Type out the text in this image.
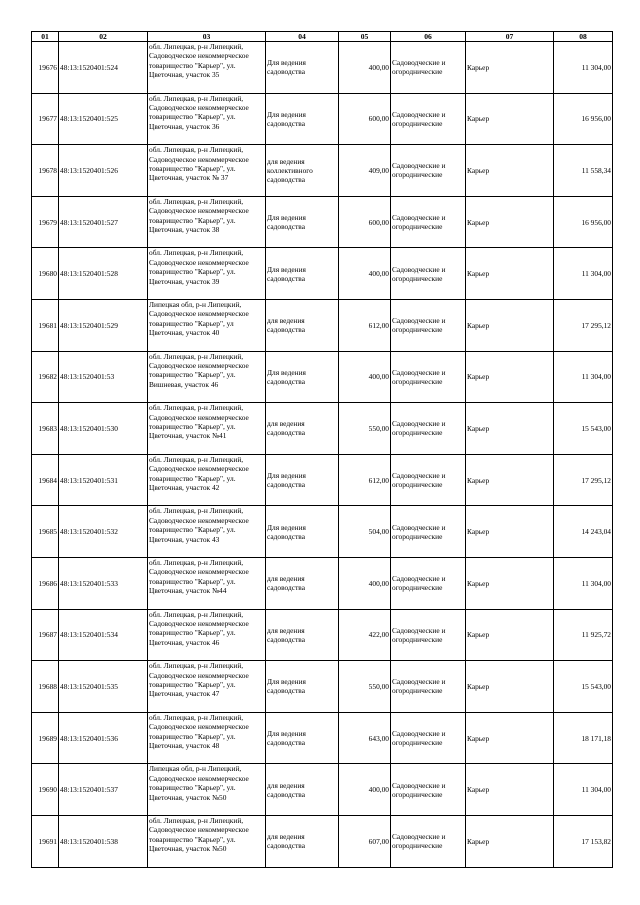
01	02	03	04	05	06	07	08
19676	48:13:1520401:524	обл. Липецкая, р-н Липецкий, Садоводческое некоммерческое товарищество "Карьер", ул. Цветочная, участок 35	Для ведения садоводства	400,00	Садоводческие и огороднические	Карьер	11 304,00
19677	48:13:1520401:525	обл. Липецкая, р-н Липецкий, Садоводческое некоммерческое товарищество "Карьер", ул. Цветочная, участок 36	Для ведения садоводства	600,00	Садоводческие и огороднические	Карьер	16 956,00
19678	48:13:1520401:526	обл. Липецкая, р-н Липецкий, Садоводческое некоммерческое товарищество "Карьер", ул. Цветочная, участок № 37	для ведения коллективного садоводства	409,00	Садоводческие и огороднические	Карьер	11 558,34
19679	48:13:1520401:527	обл. Липецкая, р-н Липецкий, Садоводческое некоммерческое товарищество "Карьер", ул. Цветочная, участок 38	Для ведения садоводства	600,00	Садоводческие и огороднические	Карьер	16 956,00
19680	48:13:1520401:528	обл. Липецкая, р-н Липецкий, Садоводческое некоммерческое товарищество "Карьер", ул. Цветочная, участок 39	Для ведения садоводства	400,00	Садоводческие и огороднические	Карьер	11 304,00
19681	48:13:1520401:529	Липецкая обл, р-н Липецкий, Садоводческое некоммерческое товарищество "Карьер", ул Цветочная, участок 40	для ведения садоводства	612,00	Садоводческие и огороднические	Карьер	17 295,12
19682	48:13:1520401:53	обл. Липецкая, р-н Липецкий, Садоводческое некоммерческое товарищество "Карьер", ул. Вишневая, участок 46	Для ведения садоводства	400,00	Садоводческие и огороднические	Карьер	11 304,00
19683	48:13:1520401:530	обл. Липецкая, р-н Липецкий, Садоводческое некоммерческое товарищество "Карьер", ул. Цветочная, участок №41	для ведения садоводства	550,00	Садоводческие и огороднические	Карьер	15 543,00
19684	48:13:1520401:531	обл. Липецкая, р-н Липецкий, Садоводческое некоммерческое товарищество "Карьер", ул. Цветочная, участок 42	Для ведения садоводства	612,00	Садоводческие и огороднические	Карьер	17 295,12
19685	48:13:1520401:532	обл. Липецкая, р-н Липецкий, Садоводческое некоммерческое товарищество "Карьер", ул. Цветочная, участок 43	Для ведения садоводства	504,00	Садоводческие и огороднические	Карьер	14 243,04
19686	48:13:1520401:533	обл. Липецкая, р-н Липецкий, Садоводческое некоммерческое товарищество "Карьер", ул. Цветочная, участок №44	для ведения садоводства	400,00	Садоводческие и огороднические	Карьер	11 304,00
19687	48:13:1520401:534	обл. Липецкая, р-н Липецкий, Садоводческое некоммерческое товарищество "Карьер", ул. Цветочная, участок 46	для ведения садоводства	422,00	Садоводческие и огороднические	Карьер	11 925,72
19688	48:13:1520401:535	обл. Липецкая, р-н Липецкий, Садоводческое некоммерческое товарищество "Карьер", ул. Цветочная, участок 47	Для ведения садоводства	550,00	Садоводческие и огороднические	Карьер	15 543,00
19689	48:13:1520401:536	обл. Липецкая, р-н Липецкий, Садоводческое некоммерческое товарищество "Карьер", ул. Цветочная, участок 48	Для ведения садоводства	643,00	Садоводческие и огороднические	Карьер	18 171,18
19690	48:13:1520401:537	Липецкая обл, р-н Липецкий, Садоводческое некоммерческое товарищество "Карьер", ул. Цветочная, участок №50	для ведения садоводства	400,00	Садоводческие и огороднические	Карьер	11 304,00
19691	48:13:1520401:538	обл. Липецкая, р-н Липецкий, Садоводческое некоммерческое товарищество "Карьер", ул. Цветочная, участок №50	для ведения садоводства	607,00	Садоводческие и огороднические	Карьер	17 153,82
